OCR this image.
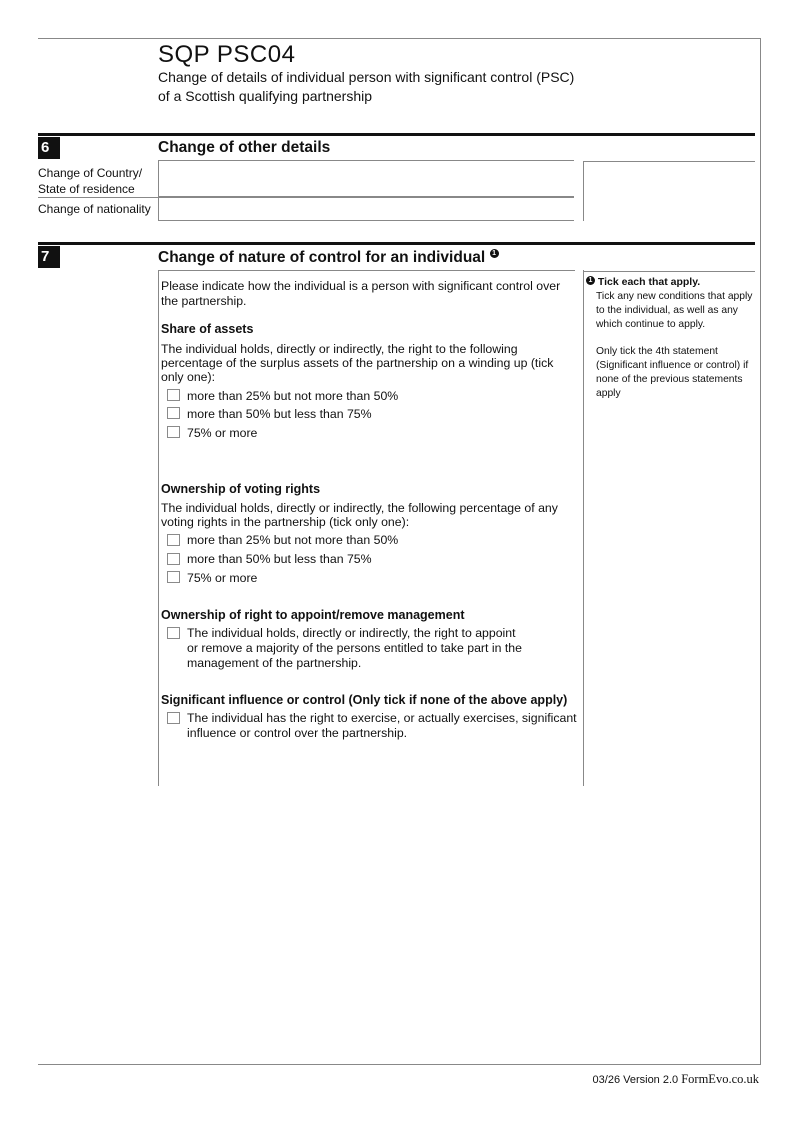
SQP PSC04
Change of details of individual person with significant control (PSC)
of a Scottish qualifying partnership
6	Change of other details
Change of Country/
State of residence
Change of nationality
7	Change of nature of control for an individual 1
Please indicate how the individual is a person with significant control over
the partnership.
Share of assets
The individual holds, directly or indirectly, the right to the following
percentage of the surplus assets of the partnership on a winding up (tick
only one):
more than 25% but not more than 50%
more than 50% but less than 75%
75% or more
Ownership of voting rights
The individual holds, directly or indirectly, the following percentage of any
voting rights in the partnership (tick only one):
more than 25% but not more than 50%
more than 50% but less than 75%
75% or more
Ownership of right to appoint/remove management
The individual holds, directly or indirectly, the right to appoint
or remove a majority of the persons entitled to take part in the
management of the partnership.
Significant influence or control (Only tick if none of the above apply)
The individual has the right to exercise, or actually exercises, significant
influence or control over the partnership.
1 Tick each that apply.
Tick any new conditions that apply
to the individual, as well as any
which continue to apply.
Only tick the 4th statement
(Significant influence or control) if
none of the previous statements
apply
03/26 Version 2.0 FormEvo.co.uk
